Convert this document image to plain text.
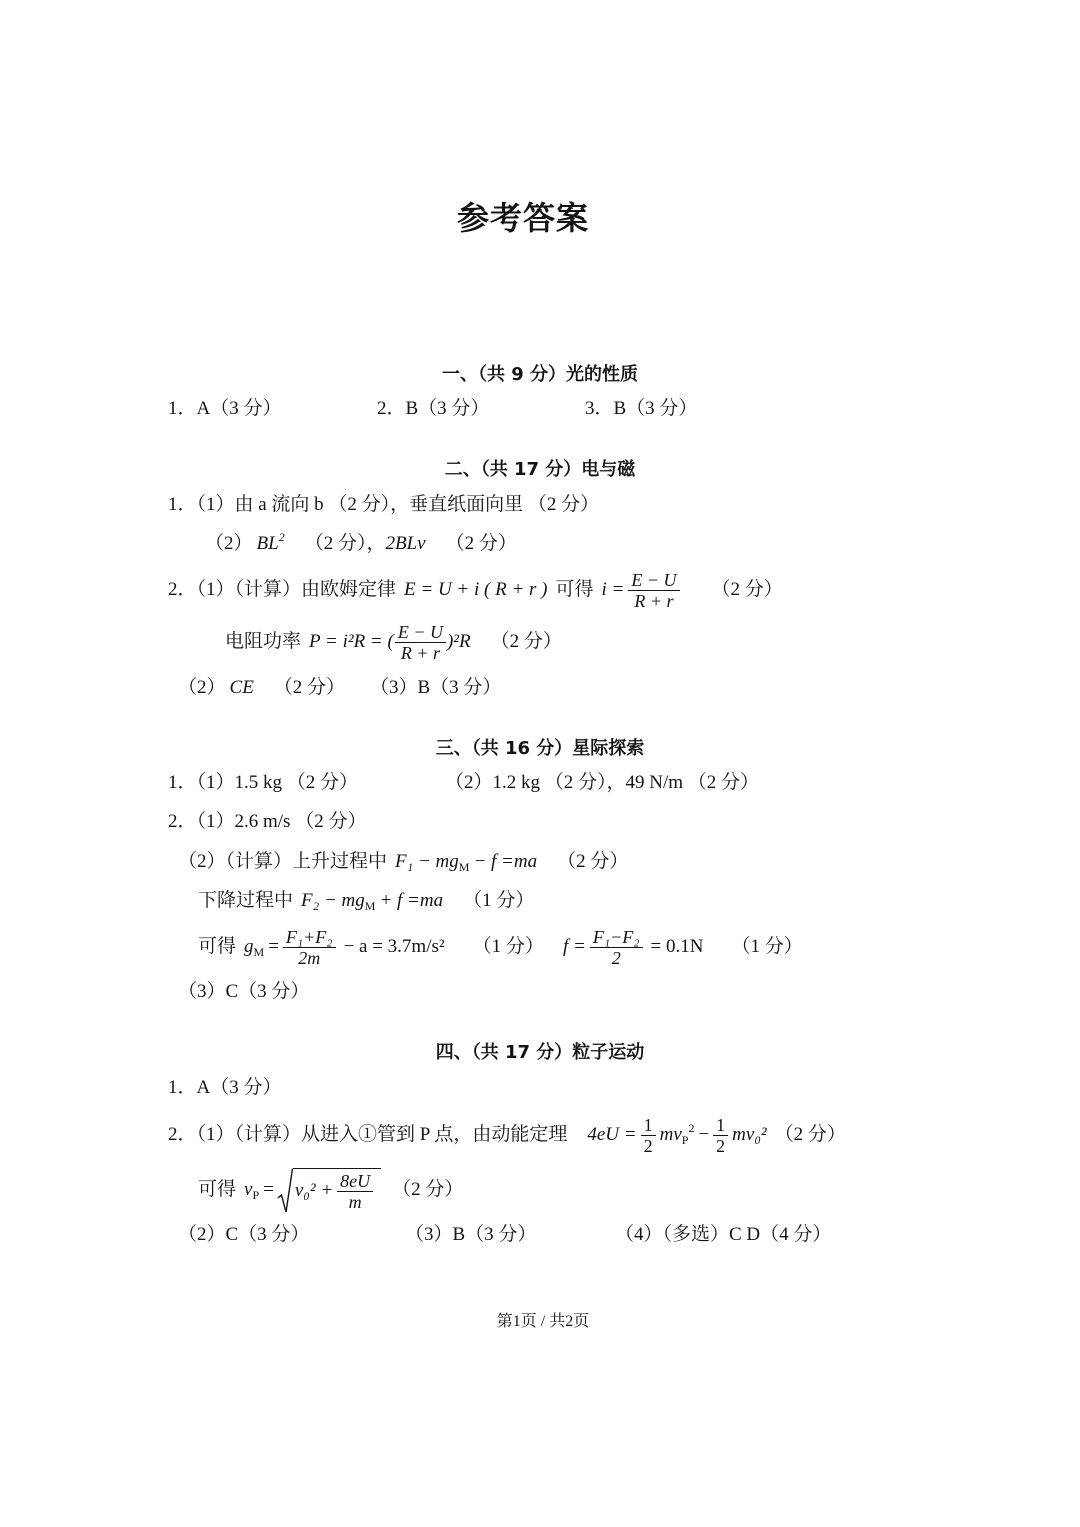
参考答案
一、（共 9 分）光的性质
1．A（3 分）	2．B（3 分）	3．B（3 分）
二、（共 17 分）电与磁
1．（1）由 a 流向 b （2 分），垂直纸面向里 （2 分）
（2） $BL^2$ （2 分），2BLv （2 分）
2．（1）（计算）由欧姆定律 E = U + i ( R + r ) 可得 $i = \frac{E - U}{R + r} (2$ 分）
电阻功率 P = i²R = ( $\frac{E - U}{R + r} )^2R$ （2 分）
（2） CE （2 分） （3）B（3 分）
三、（共 16 分）星际探索
1．（1）1.5 kg （2 分）	（2）1.2 kg （2 分），49 N/m （2 分）
2．（1）2.6 m/s （2 分）
（2）（计算）上升过程中 $F_1 - mg_M - f =ma$ （2 分）
下降过程中 $F_2 - mg_M + f =ma$ （1 分）
可得 $g_M = \frac{\text{F₁+F₂}}{2m} - a = 3.7m/s^2$ （1 分） $f = \frac{\text{F₁−F₂}}{2} = 0.1N$ （1 分）
（3）C（3 分）
四、（共 17 分）粒子运动
1．A（3 分）
2．（1）（计算）从进入①管到 P 点，由动能定理 $4eU = \frac{1}{2} mv_P^2 - \frac{1}{2} mv_0^2$ （2 分）
可得 $v_P = v_0^2 + \frac{8eU}{m} (2$ 分）
（2）C（3 分）	（3）B（3 分）	（4）（多选）C D（4 分）
第1页 / 共2页
